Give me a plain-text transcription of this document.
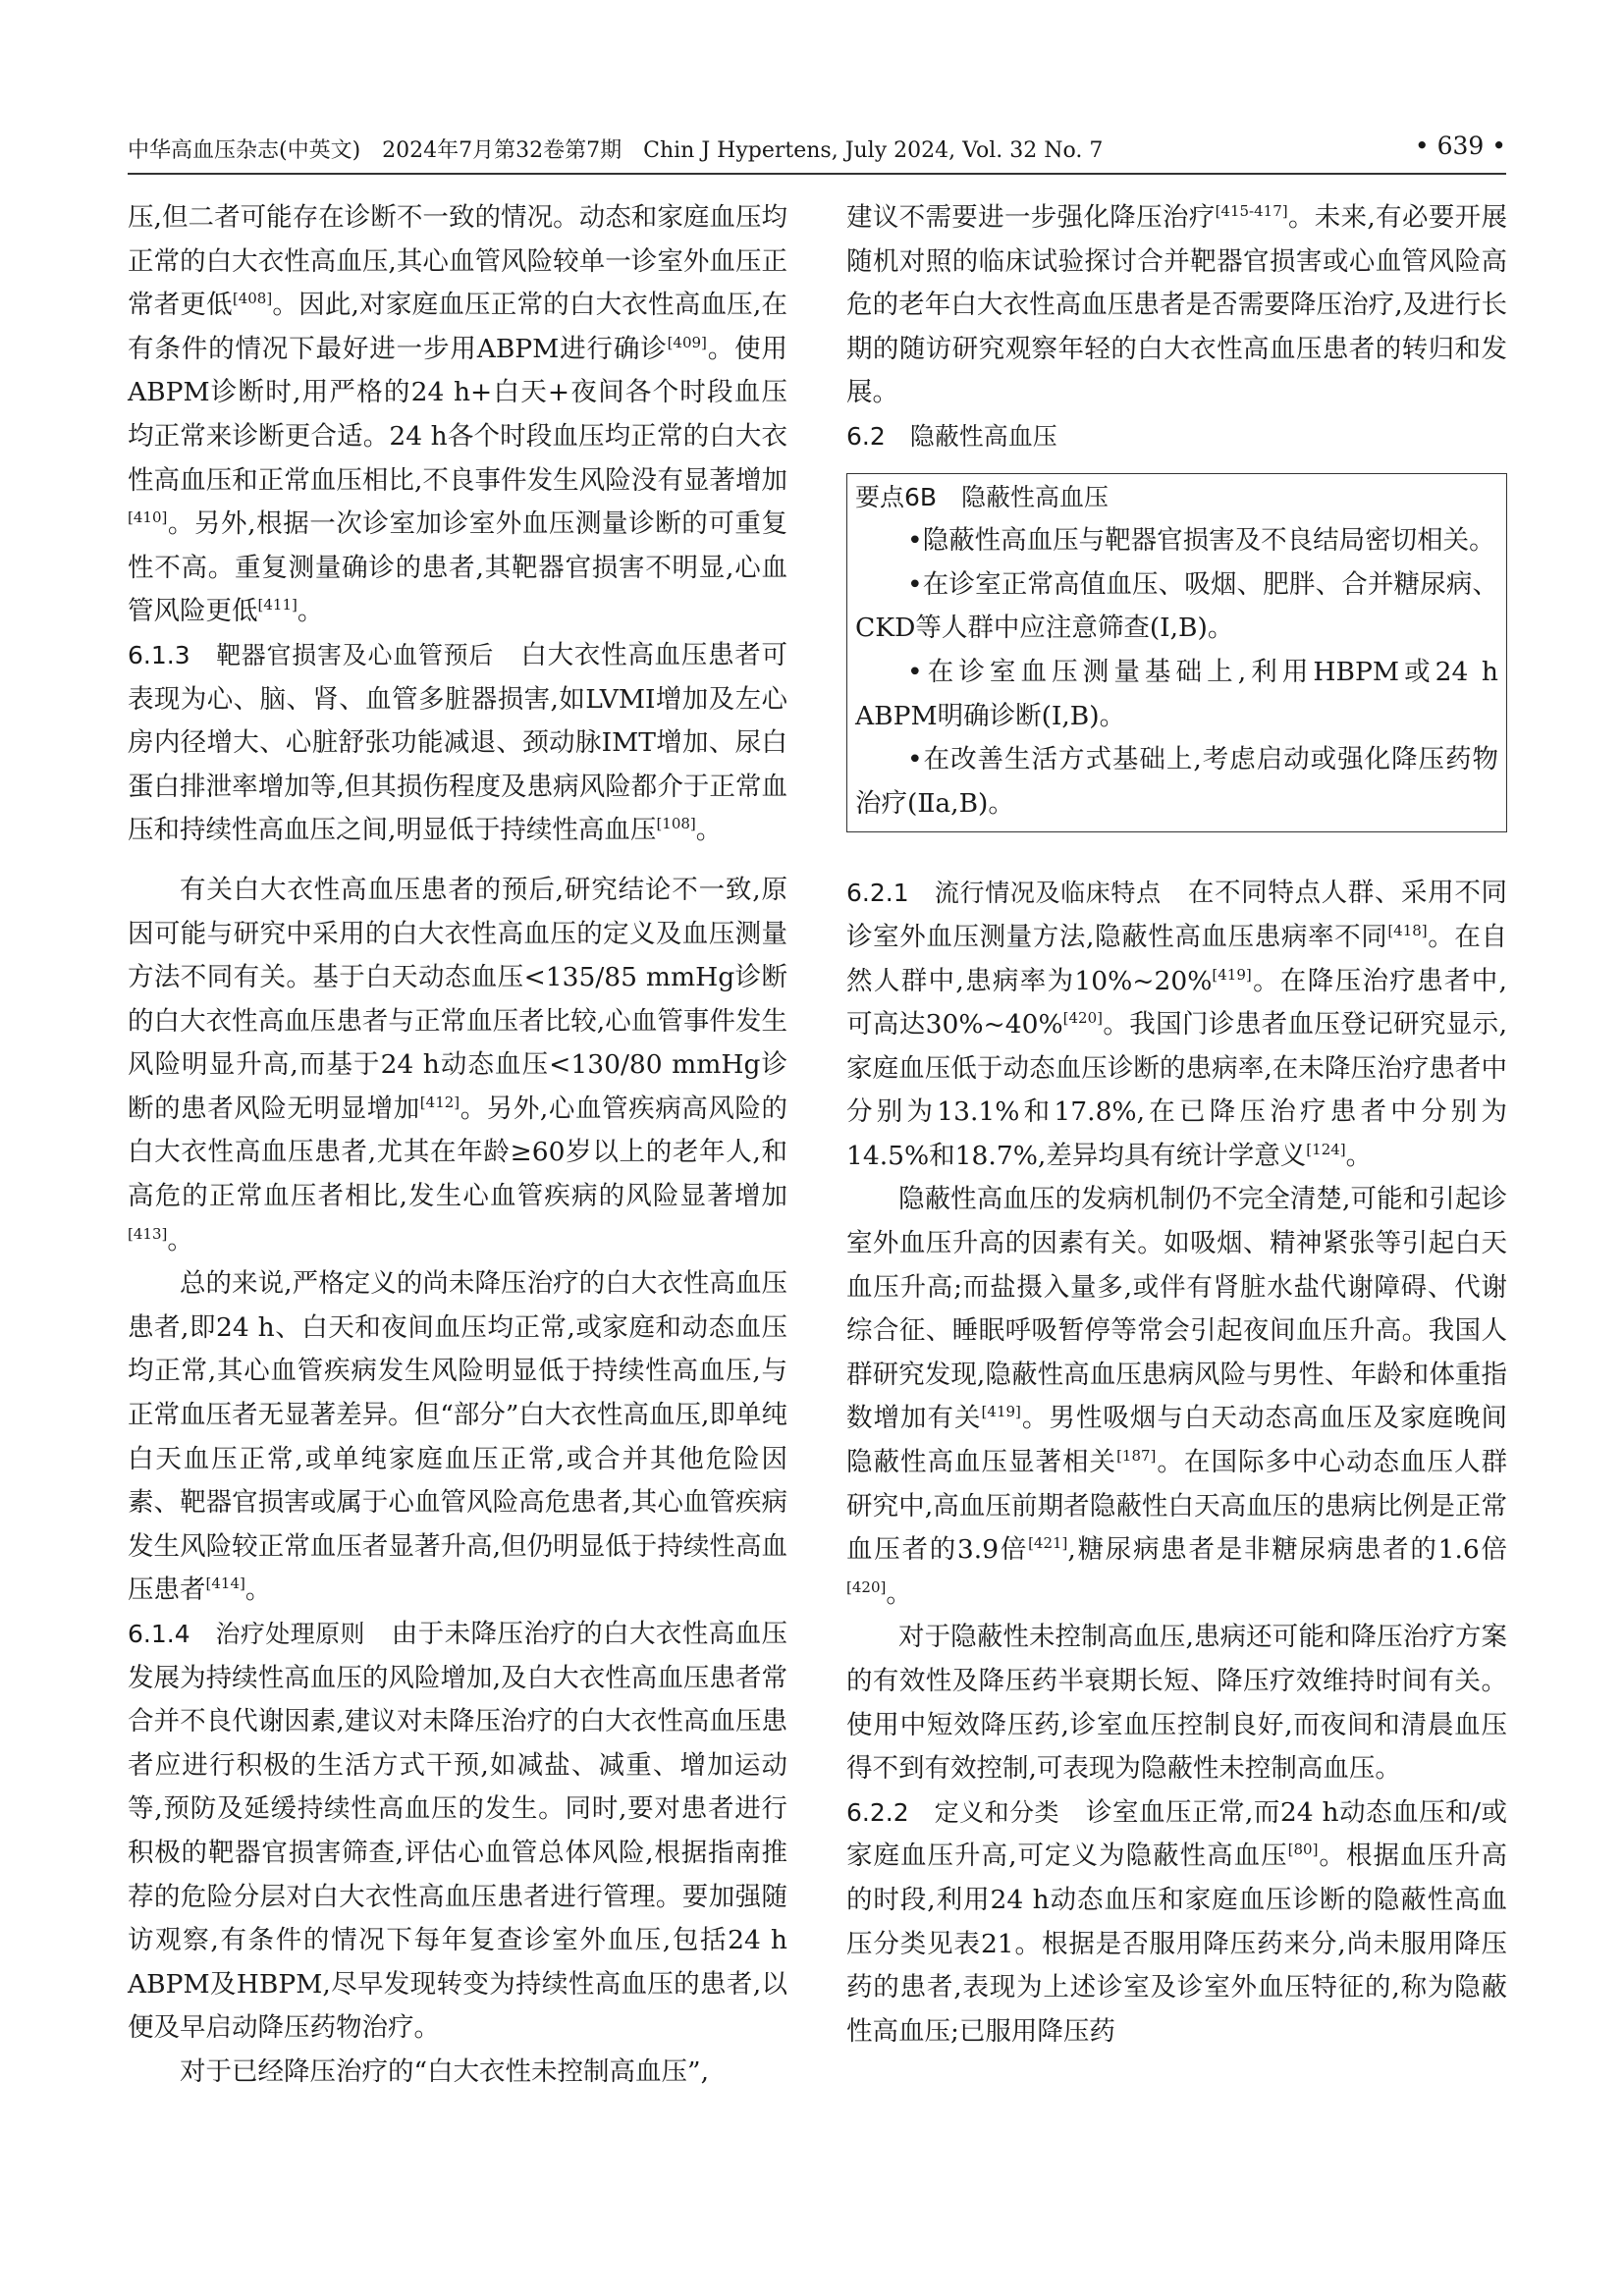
中华高血压杂志(中英文)　2024年7月第32卷第7期　Chin J Hypertens, July 2024, Vol. 32 No. 7	• 639 •

压,但二者可能存在诊断不一致的情况。动态和家庭血压均正常的白大衣性高血压,其心血管风险较单一诊室外血压正常者更低[408]。因此,对家庭血压正常的白大衣性高血压,在有条件的情况下最好进一步用ABPM进行确诊[409]。使用ABPM诊断时,用严格的24 h+白天+夜间各个时段血压均正常来诊断更合适。24 h各个时段血压均正常的白大衣性高血压和正常血压相比,不良事件发生风险没有显著增加[410]。另外,根据一次诊室加诊室外血压测量诊断的可重复性不高。重复测量确诊的患者,其靶器官损害不明显,心血管风险更低[411]。

6.1.3　靶器官损害及心血管预后　白大衣性高血压患者可表现为心、脑、肾、血管多脏器损害,如LVMI增加及左心房内径增大、心脏舒张功能减退、颈动脉IMT增加、尿白蛋白排泄率增加等,但其损伤程度及患病风险都介于正常血压和持续性高血压之间,明显低于持续性高血压[108]。

有关白大衣性高血压患者的预后,研究结论不一致,原因可能与研究中采用的白大衣性高血压的定义及血压测量方法不同有关。基于白天动态血压<135/85 mmHg诊断的白大衣性高血压患者与正常血压者比较,心血管事件发生风险明显升高,而基于24 h动态血压<130/80 mmHg诊断的患者风险无明显增加[412]。另外,心血管疾病高风险的白大衣性高血压患者,尤其在年龄≥60岁以上的老年人,和高危的正常血压者相比,发生心血管疾病的风险显著增加[413]。

总的来说,严格定义的尚未降压治疗的白大衣性高血压患者,即24 h、白天和夜间血压均正常,或家庭和动态血压均正常,其心血管疾病发生风险明显低于持续性高血压,与正常血压者无显著差异。但“部分”白大衣性高血压,即单纯白天血压正常,或单纯家庭血压正常,或合并其他危险因素、靶器官损害或属于心血管风险高危患者,其心血管疾病发生风险较正常血压者显著升高,但仍明显低于持续性高血压患者[414]。

6.1.4　治疗处理原则　由于未降压治疗的白大衣性高血压发展为持续性高血压的风险增加,及白大衣性高血压患者常合并不良代谢因素,建议对未降压治疗的白大衣性高血压患者应进行积极的生活方式干预,如减盐、减重、增加运动等,预防及延缓持续性高血压的发生。同时,要对患者进行积极的靶器官损害筛查,评估心血管总体风险,根据指南推荐的危险分层对白大衣性高血压患者进行管理。要加强随访观察,有条件的情况下每年复查诊室外血压,包括24 h ABPM及HBPM,尽早发现转变为持续性高血压的患者,以便及早启动降压药物治疗。

对于已经降压治疗的“白大衣性未控制高血压”,

建议不需要进一步强化降压治疗[415-417]。未来,有必要开展随机对照的临床试验探讨合并靶器官损害或心血管风险高危的老年白大衣性高血压患者是否需要降压治疗,及进行长期的随访研究观察年轻的白大衣性高血压患者的转归和发展。

6.2　隐蔽性高血压

要点6B　隐蔽性高血压

•隐蔽性高血压与靶器官损害及不良结局密切相关。

•在诊室正常高值血压、吸烟、肥胖、合并糖尿病、CKD等人群中应注意筛查(Ⅰ,B)。

•在诊室血压测量基础上,利用HBPM或24 h ABPM明确诊断(Ⅰ,B)。

•在改善生活方式基础上,考虑启动或强化降压药物治疗(Ⅱa,B)。

6.2.1　流行情况及临床特点　在不同特点人群、采用不同诊室外血压测量方法,隐蔽性高血压患病率不同[418]。在自然人群中,患病率为10%~20%[419]。在降压治疗患者中,可高达30%~40%[420]。我国门诊患者血压登记研究显示,家庭血压低于动态血压诊断的患病率,在未降压治疗患者中分别为13.1%和17.8%,在已降压治疗患者中分别为14.5%和18.7%,差异均具有统计学意义[124]。

隐蔽性高血压的发病机制仍不完全清楚,可能和引起诊室外血压升高的因素有关。如吸烟、精神紧张等引起白天血压升高;而盐摄入量多,或伴有肾脏水盐代谢障碍、代谢综合征、睡眠呼吸暂停等常会引起夜间血压升高。我国人群研究发现,隐蔽性高血压患病风险与男性、年龄和体重指数增加有关[419]。男性吸烟与白天动态高血压及家庭晚间隐蔽性高血压显著相关[187]。在国际多中心动态血压人群研究中,高血压前期者隐蔽性白天高血压的患病比例是正常血压者的3.9倍[421],糖尿病患者是非糖尿病患者的1.6倍[420]。

对于隐蔽性未控制高血压,患病还可能和降压治疗方案的有效性及降压药半衰期长短、降压疗效维持时间有关。使用中短效降压药,诊室血压控制良好,而夜间和清晨血压得不到有效控制,可表现为隐蔽性未控制高血压。

6.2.2　定义和分类　诊室血压正常,而24 h动态血压和/或家庭血压升高,可定义为隐蔽性高血压[80]。根据血压升高的时段,利用24 h动态血压和家庭血压诊断的隐蔽性高血压分类见表21。根据是否服用降压药来分,尚未服用降压药的患者,表现为上述诊室及诊室外血压特征的,称为隐蔽性高血压;已服用降压药
